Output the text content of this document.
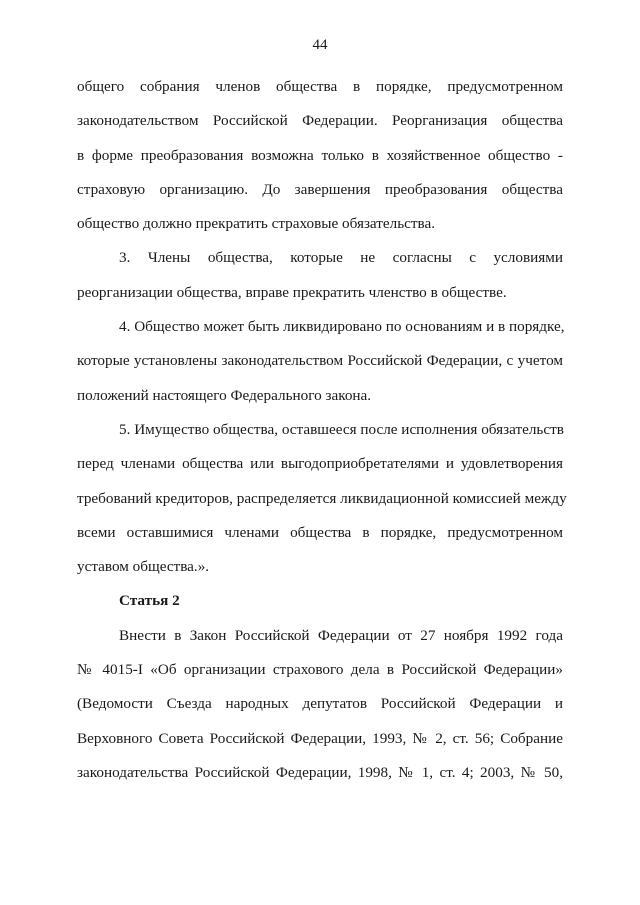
44

общего собрания членов общества в порядке, предусмотренном
законодательством Российской Федерации. Реорганизация общества
в форме преобразования возможна только в хозяйственное общество -
страховую организацию. До завершения преобразования общества
общество должно прекратить страховые обязательства.

3. Члены общества, которые не согласны с условиями
реорганизации общества, вправе прекратить членство в обществе.

4. Общество может быть ликвидировано по основаниям и в порядке,
которые установлены законодательством Российской Федерации, с учетом
положений настоящего Федерального закона.

5. Имущество общества, оставшееся после исполнения обязательств
перед членами общества или выгодоприобретателями и удовлетворения
требований кредиторов, распределяется ликвидационной комиссией между
всеми оставшимися членами общества в порядке, предусмотренном
уставом общества.».

Статья 2

Внести в Закон Российской Федерации от 27 ноября 1992 года
№ 4015-I «Об организации страхового дела в Российской Федерации»
(Ведомости Съезда народных депутатов Российской Федерации и
Верховного Совета Российской Федерации, 1993, № 2, ст. 56; Собрание
законодательства Российской Федерации, 1998, № 1, ст. 4; 2003, № 50,
